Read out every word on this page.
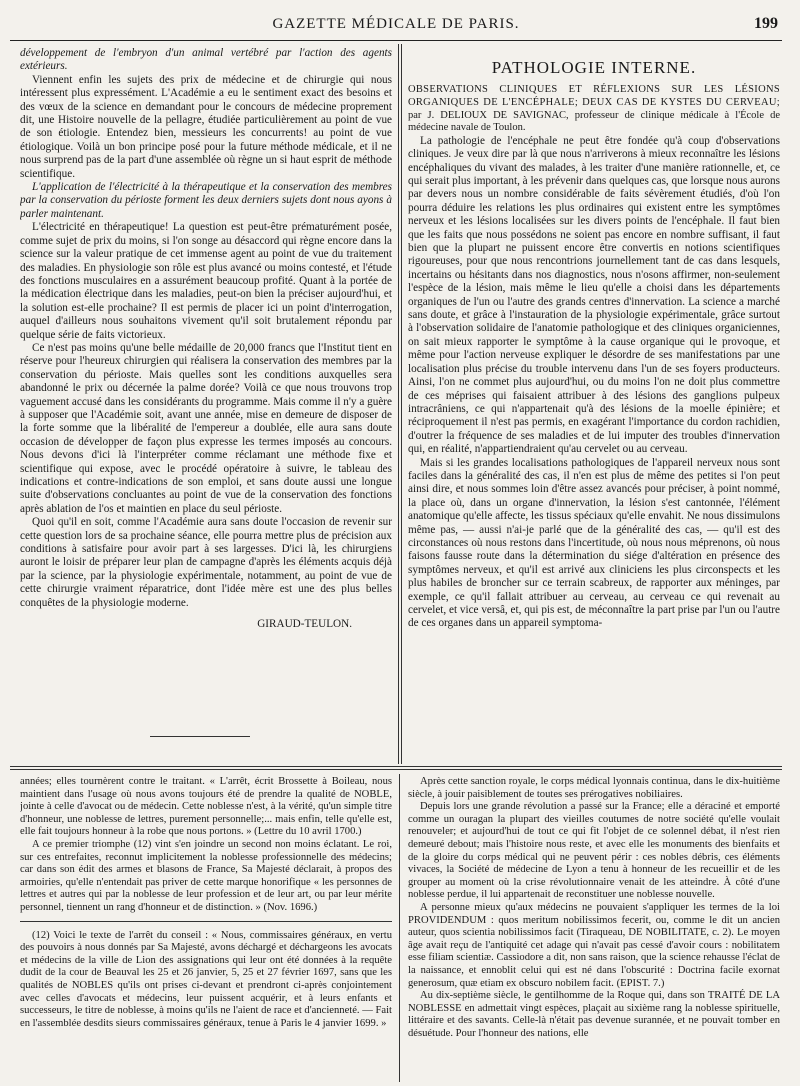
GAZETTE MÉDICALE DE PARIS.	199

développement de l'embryon d'un animal vertébré par l'action des agents extérieurs.

Viennent enfin les sujets des prix de médecine et de chirurgie qui nous intéressent plus expressément. L'Académie a eu le sentiment exact des besoins et des vœux de la science en demandant pour le concours de médecine proprement dit, une Histoire nouvelle de la pellagre, étudiée particulièrement au point de vue de son étiologie. Entendez bien, messieurs les concurrents! au point de vue étiologique. Voilà un bon principe posé pour la future méthode médicale, et il ne nous surprend pas de la part d'une assemblée où règne un si haut esprit de méthode scientifique.

L'application de l'électricité à la thérapeutique et la conservation des membres par la conservation du périoste forment les deux derniers sujets dont nous ayons à parler maintenant.

L'électricité en thérapeutique! La question est peut-être prématurément posée, comme sujet de prix du moins, si l'on songe au désaccord qui règne encore dans la science sur la valeur pratique de cet immense agent au point de vue du traitement des maladies. En physiologie son rôle est plus avancé ou moins contesté, et l'étude des fonctions musculaires en a assurément beaucoup profité. Quant à la portée de la médication électrique dans les maladies, peut-on bien la préciser aujourd'hui, et la solution est-elle prochaine? Il est permis de placer ici un point d'interrogation, auquel d'ailleurs nous souhaitons vivement qu'il soit brutalement répondu par quelque série de faits victorieux.

Ce n'est pas moins qu'une belle médaille de 20,000 francs que l'Institut tient en réserve pour l'heureux chirurgien qui réalisera la conservation des membres par la conservation du périoste. Mais quelles sont les conditions auxquelles sera abandonné le prix ou décernée la palme dorée? Voilà ce que nous trouvons trop vaguement accusé dans les considérants du programme. Mais comme il n'y a guère à supposer que l'Académie soit, avant une année, mise en demeure de disposer de la forte somme que la libéralité de l'empereur a doublée, elle aura sans doute occasion de développer de façon plus expresse les termes imposés au concours. Nous devons d'ici là l'interpréter comme réclamant une méthode fixe et scientifique qui expose, avec le procédé opératoire à suivre, le tableau des indications et contre-indications de son emploi, et sans doute aussi une longue suite d'observations concluantes au point de vue de la conservation des fonctions après ablation de l'os et maintien en place du seul périoste.

Quoi qu'il en soit, comme l'Académie aura sans doute l'occasion de revenir sur cette question lors de sa prochaine séance, elle pourra mettre plus de précision aux conditions à satisfaire pour avoir part à ses largesses. D'ici là, les chirurgiens auront le loisir de préparer leur plan de campagne d'après les éléments acquis déjà par la science, par la physiologie expérimentale, notamment, au point de vue de cette chirurgie vraiment réparatrice, dont l'idée mère est une des plus belles conquêtes de la physiologie moderne.

GIRAUD-TEULON.
PATHOLOGIE INTERNE.

OBSERVATIONS CLINIQUES ET RÉFLEXIONS SUR LES LÉSIONS ORGANIQUES DE L'ENCÉPHALE; DEUX CAS DE KYSTES DU CERVEAU; par J. DELIOUX DE SAVIGNAC, professeur de clinique médicale à l'École de médecine navale de Toulon.

La pathologie de l'encéphale ne peut être fondée qu'à coup d'observations cliniques. Je veux dire par là que nous n'arriverons à mieux reconnaître les lésions encéphaliques du vivant des malades, à les traiter d'une manière rationnelle, et, ce qui serait plus important, à les prévenir dans quelques cas, que lorsque nous aurons par devers nous un nombre considérable de faits sévèrement étudiés, d'où l'on pourra déduire les relations les plus ordinaires qui existent entre les symptômes nerveux et les lésions localisées sur les divers points de l'encéphale. Il faut bien que les faits que nous possédons ne soient pas encore en nombre suffisant, il faut bien que la plupart ne puissent encore être convertis en notions scientifiques rigoureuses, pour que nous rencontrions journellement tant de cas dans lesquels, incertains ou hésitants dans nos diagnostics, nous n'osons affirmer, non-seulement l'espèce de la lésion, mais même le lieu qu'elle a choisi dans les départements organiques de l'un ou l'autre des grands centres d'innervation. La science a marché sans doute, et grâce à l'instauration de la physiologie expérimentale, grâce surtout à l'observation solidaire de l'anatomie pathologique et des cliniques organiciennes, on sait mieux rapporter le symptôme à la cause organique qui le provoque, et même pour l'action nerveuse expliquer le désordre de ses manifestations par une localisation plus précise du trouble intervenu dans l'un de ses foyers producteurs. Ainsi, l'on ne commet plus aujourd'hui, ou du moins l'on ne doit plus commettre de ces méprises qui faisaient attribuer à des lésions des ganglions pulpeux intracrâniens, ce qui n'appartenait qu'à des lésions de la moelle épinière; et réciproquement il n'est pas permis, en exagérant l'importance du cordon rachidien, d'outrer la fréquence de ses maladies et de lui imputer des troubles d'innervation qui, en réalité, n'appartiendraient qu'au cervelet ou au cerveau.

Mais si les grandes localisations pathologiques de l'appareil nerveux nous sont faciles dans la généralité des cas, il n'en est plus de même des petites si l'on peut ainsi dire, et nous sommes loin d'être assez avancés pour préciser, à point nommé, la place où, dans un organe d'innervation, la lésion s'est cantonnée, l'élément anatomique qu'elle affecte, les tissus spéciaux qu'elle envahit. Ne nous dissimulons même pas, — aussi n'ai-je parlé que de la généralité des cas, — qu'il est des circonstances où nous restons dans l'incertitude, où nous nous méprenons, où nous faisons fausse route dans la détermination du siége d'altération en présence des symptômes nerveux, et qu'il est arrivé aux cliniciens les plus circonspects et les plus habiles de broncher sur ce terrain scabreux, de rapporter aux méninges, par exemple, ce qu'il fallait attribuer au cerveau, au cerveau ce qui revenait au cervelet, et vice versâ, et, qui pis est, de méconnaître la part prise par l'un ou l'autre de ces organes dans un appareil symptoma-

années; elles tournèrent contre le traitant. « L'arrêt, écrit Brossette à Boileau, nous maintient dans l'usage où nous avons toujours été de prendre la qualité de NOBLE, jointe à celle d'avocat ou de médecin. Cette noblesse n'est, à la vérité, qu'un simple titre d'honneur, une noblesse de lettres, purement personnelle;... mais enfin, telle qu'elle est, elle fait toujours honneur à la robe que nous portons. » (Lettre du 10 avril 1700.)

A ce premier triomphe (12) vint s'en joindre un second non moins éclatant. Le roi, sur ces entrefaites, reconnut implicitement la noblesse professionnelle des médecins; car dans son édit des armes et blasons de France, Sa Majesté déclarait, à propos des armoiries, qu'elle n'entendait pas priver de cette marque honorifique « les personnes de lettres et autres qui par la noblesse de leur profession et de leur art, ou par leur mérite personnel, tiennent un rang d'honneur et de distinction. » (Nov. 1696.)

(12) Voici le texte de l'arrêt du conseil : « Nous, commissaires généraux, en vertu des pouvoirs à nous donnés par Sa Majesté, avons déchargé et déchargeons les avocats et médecins de la ville de Lion des assignations qui leur ont été données à la requête dudit de la cour de Beauval les 25 et 26 janvier, 5, 25 et 27 février 1697, sans que les qualités de NOBLES qu'ils ont prises ci-devant et prendront ci-après conjointement avec celles d'avocats et médecins, leur puissent acquérir, et à leurs enfants et successeurs, le titre de noblesse, à moins qu'ils ne l'aient de race et d'ancienneté. — Fait en l'assemblée desdits sieurs commissaires généraux, tenue à Paris le 4 janvier 1699. »

Après cette sanction royale, le corps médical lyonnais continua, dans le dix-huitième siècle, à jouir paisiblement de toutes ses prérogatives nobiliaires.

Depuis lors une grande révolution a passé sur la France; elle a déraciné et emporté comme un ouragan la plupart des vieilles coutumes de notre société qu'elle voulait renouveler; et aujourd'hui de tout ce qui fit l'objet de ce solennel débat, il n'est rien demeuré debout; mais l'histoire nous reste, et avec elle les monuments des bienfaits et de la gloire du corps médical qui ne peuvent périr : ces nobles débris, ces éléments vivaces, la Société de médecine de Lyon a tenu à honneur de les recueillir et de les grouper au moment où la crise révolutionnaire venait de les atteindre. À côté d'une noblesse perdue, il lui appartenait de reconstituer une noblesse nouvelle.

A personne mieux qu'aux médecins ne pouvaient s'appliquer les termes de la loi PROVIDENDUM : quos meritum nobilissimos fecerit, ou, comme le dit un ancien auteur, quos scientia nobilissimos facit (Tiraqueau, DE NOBILITATE, c. 2). Le moyen âge avait reçu de l'antiquité cet adage qui n'avait pas cessé d'avoir cours : nobilitatem esse filiam scientiæ. Cassiodore a dit, non sans raison, que la science rehausse l'éclat de la naissance, et ennoblit celui qui est né dans l'obscurité : Doctrina facile exornat generosum, quæ etiam ex obscuro nobilem facit. (EPIST. 7.)

Au dix-septième siècle, le gentilhomme de la Roque qui, dans son TRAITÉ DE LA NOBLESSE en admettait vingt espèces, plaçait au sixième rang la noblesse spirituelle, littéraire et des savants. Celle-là n'était pas devenue surannée, et ne pouvait tomber en désuétude. Pour l'honneur des nations, elle
